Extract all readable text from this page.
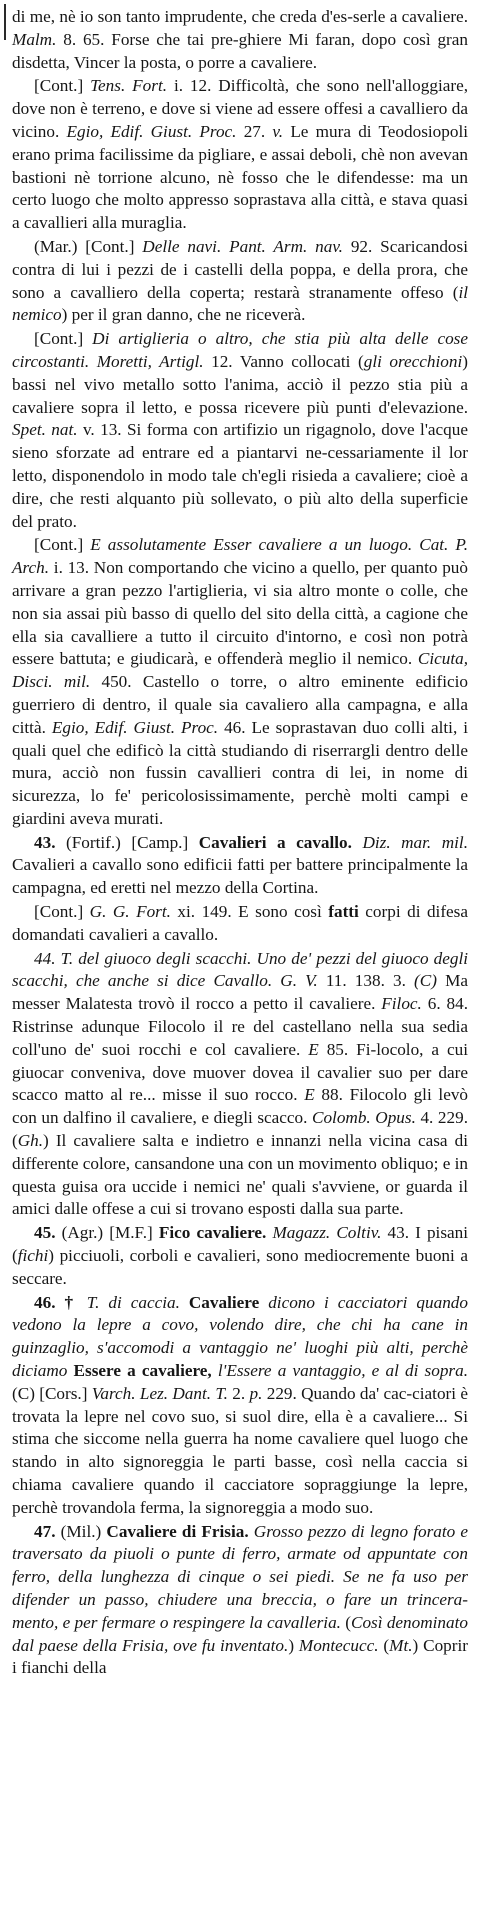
di me, nè io son tanto imprudente, che creda d'es-serle a cavaliere. Malm. 8. 65. Forse che tai pre-ghiere Mi faran, dopo così gran disdetta, Vincer la posta, o porre a cavaliere.

[Cont.] Tens. Fort. i. 12. Difficoltà, che sono nell'alloggiare, dove non è terreno, e dove si viene ad essere offesi a cavalliero da vicino. Egio, Edif. Giust. Proc. 27. v. Le mura di Teodosiopoli erano prima facilissime da pigliare, e assai deboli, chè non avevan bastioni nè torrione alcuno, nè fosso che le difendesse: ma un certo luogo che molto appresso soprastava alla città, e stava quasi a cavallieri alla muraglia.

(Mar.) [Cont.] Delle navi. Pant. Arm. nav. 92. Scaricandosi contra di lui i pezzi de i castelli della poppa, e della prora, che sono a cavalliero della coperta; restarà stranamente offeso (il nemico) per il gran danno, che ne riceverà.

[Cont.] Di artiglieria o altro, che stia più alta delle cose circostanti. Moretti, Artigl. 12. Vanno collocati (gli orecchioni) bassi nel vivo metallo sotto l'anima, acciò il pezzo stia più a cavaliere sopra il letto, e possa ricevere più punti d'elevazione. Spet. nat. v. 13. Si forma con artifizio un rigagnolo, dove l'acque sieno sforzate ad entrare ed a piantarvi ne-cessariamente il lor letto, disponendolo in modo tale ch'egli risieda a cavaliere; cioè a dire, che resti alquanto più sollevato, o più alto della superficie del prato.

[Cont.] E assolutamente Esser cavaliere a un luogo. Cat. P. Arch. i. 13. Non comportando che vicino a quello, per quanto può arrivare a gran pezzo l'artiglieria, vi sia altro monte o colle, che non sia assai più basso di quello del sito della città, a cagione che ella sia cavalliere a tutto il circuito d'intorno, e così non potrà essere battuta; e giudicarà, e offenderà meglio il nemico. Cicuta, Disci. mil. 450. Castello o torre, o altro eminente edificio guerriero di dentro, il quale sia cavaliero alla campagna, e alla città. Egio, Edif. Giust. Proc. 46. Le soprastavan duo colli alti, i quali quel che edificò la città studiando di riserrargli dentro delle mura, acciò non fussin cavallieri contra di lei, in nome di sicurezza, lo fe' pericolosissimamente, perchè molti campi e giardini aveva murati.

43. (Fortif.) [Camp.] Cavalieri a cavallo. Diz. mar. mil. Cavalieri a cavallo sono edificii fatti per battere principalmente la campagna, ed eretti nel mezzo della Cortina.

[Cont.] G. G. Fort. xi. 149. E sono così fatti corpi di difesa domandati cavalieri a cavallo.

44. T. del giuoco degli scacchi. Uno de' pezzi del giuoco degli scacchi, che anche si dice Cavallo. G. V. 11. 138. 3. (C) Ma messer Malatesta trovò il rocco a petto il cavaliere. Filoc. 6. 84. Ristrinse adunque Filocolo il re del castellano nella sua sedia coll'uno de' suoi rocchi e col cavaliere. E 85. Fi-locolo, a cui giuocar conveniva, dove muover dovea il cavalier suo per dare scacco matto al re... misse il suo rocco. E 88. Filocolo gli levò con un dalfino il cavaliere, e diegli scacco. Colomb. Opus. 4. 229. (Gh.) Il cavaliere salta e indietro e innanzi nella vicina casa di differente colore, cansandone una con un movimento obliquo; e in questa guisa ora uccide i nemici ne' quali s'avviene, or guarda il amici dalle offese a cui si trovano esposti dalla sua parte.

45. (Agr.) [M.F.] Fico cavaliere. Magazz. Coltiv. 43. I pisani (fichi) picciuoli, corboli e cavalieri, sono mediocremente buoni a seccare.

46. † T. di caccia. Cavaliere dicono i cacciatori quando vedono la lepre a covo, volendo dire, che chi ha cane in guinzaglio, s'accomodi a vantaggio ne' luoghi più alti, perchè diciamo Essere a cavaliere, l'Essere a vantaggio, e al di sopra. (C) [Cors.] Varch. Lez. Dant. T. 2. p. 229. Quando da' cac-ciatori è trovata la lepre nel covo suo, si suol dire, ella è a cavaliere... Si stima che siccome nella guerra ha nome cavaliere quel luogo che stando in alto signoreggia le parti basse, così nella caccia si chiama cavaliere quando il cacciatore sopraggiunge la lepre, perchè trovandola ferma, la signoreggia a modo suo.

47. (Mil.) Cavaliere di Frisia. Grosso pezzo di legno forato e traversato da piuoli o punte di ferro, armate od appuntate con ferro, della lunghezza di cinque o sei piedi. Se ne fa uso per difender un passo, chiudere una breccia, o fare un trincera-mento, e per fermare o respingere la cavalleria. (Così denominato dal paese della Frisia, ove fu inventato.) Montecucc. (Mt.) Coprir i fianchi della
